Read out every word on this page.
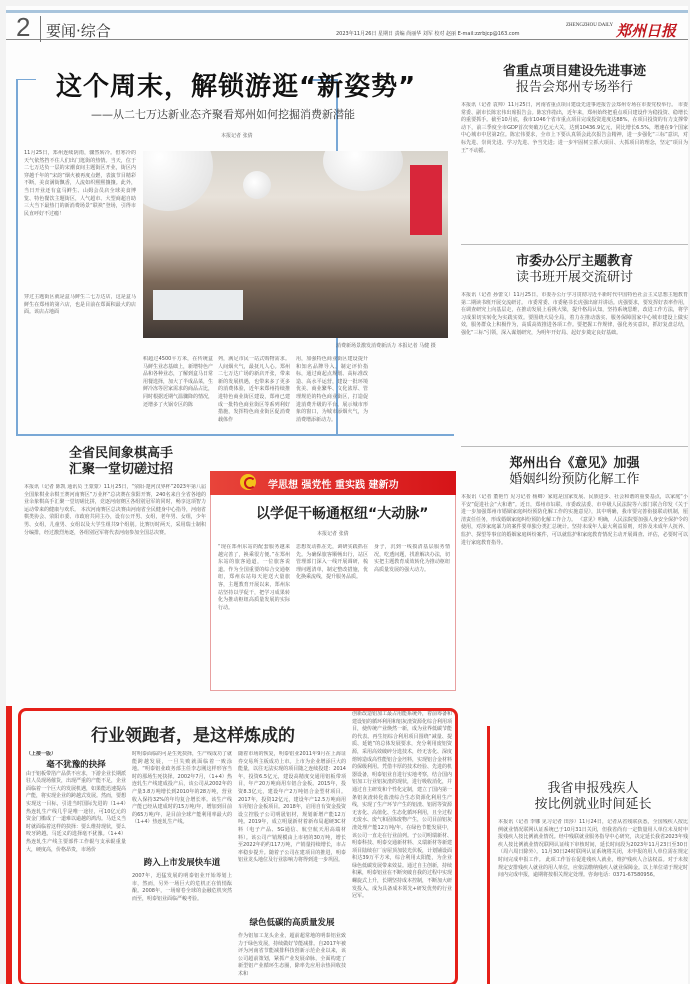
2 要闻·综合	2023年11月26日 星期日 责编 尚丽华 刘军 校对 赵丽 E-mail:zzrbjcp@163.com
ZHENGZHOU DAILY 郑州日报
这个周末，解锁游逛“新姿势”
——从二七万达新业态齐聚看郑州如何挖掘消费新潜能
本报记者 张倩
11月25日，郑州连续阴雨，骤然转冷。但寒冷的天气依然挡不住人们出门逛街的热情。当天，位于二七万达负一层的宋潮食间主题街区开业，街区内穿越千年的“宋韵”烟火被再度点燃，表演节目精彩不断，美食满街飘香，人流如织熙熙攘攘。此外，当日开业还有盒马鲜生、山姆会员店全球美食博览、特色餐饮主题街区，人气超市、大型商超自助三大当下最热门的新消费场景“联袂”登场，引得市民直呼好不过瘾！
穿过主题街区就是盒马鲜生二七万达店，这是盒马鲜生在郑州的第六店，也是目前在郑面积最大的店面。该店占地面
消费新场景激发消费新活力 本报记者 马健 摄
积超过4500平方米，在传统盒马鲜生业态基础上，新增特色产品和各种业态，了解到盒马日常用餐选择，加大了半成品菜，生鲜冷冻等居家需求的商品占比，同时根据近期气温骤降的情况，还增多了火锅专区的陈
列，满足市民一站式购物需求。人间烟火气，最抚凡人心。郑州二七万达广场的新店开张，带来新的发展机遇，也带来多了更多的消费体验，近年来郑州持续推进特色商业街区建设，郑州已建成一批特色商业街区等系列利好措施，发挥特色商业街区促消费载体作
用，加强特色商业街区建设提升和知名品牌导入，制定评价指标，通过商起点规划、高标准改造、高水平运营，建设一批环境优美、商业繁华、文化浓厚、管理规范的特色商业街区，打造促进消费升级的平台、展示城市形象的窗口，为城市添烟火气，为消费增添新动力。
省重点项目建设先进事迹
报告会郑州专场举行
本报讯（记者 袁帅）11月25日，河南省重点项目建设先进事迹报告会郑州专场在市委党校举行。 市委常委、副市长陈宏伟出席报告会。陈宏伟指出，近年来，郑州始终把重点项目建设作为稳投资、稳增长的重要抓手。截至10月底，我市1046个省市重点项目完成投资进度达88%，在项目投资的有力支撑带动下，前三季度全市GDP首次突破万亿元大关，达到10436.9亿元，同比增长6.5%，增速在9个国家中心城市中居第2位。陈宏伟要求，全市上下要认真领会此次报告会精神，进一步强化“三标”意识，对标先进、崇尚先进、学习先进、争当先进；进一步牢固树立抓大项目、大抓项目的理念，坚定“项目为王”不动摇。
市委办公厅主题教育
读书班开展交流研讨
本报讯（记者 孙蕾文）11月25日，市委办公厅学习贯彻习近平新时代中国特色社会主义思想主题教育第二期读书班开展交流研讨。 市委常委、市委秘书长虎强出席并讲话。虎强要求，要发挥好表率作用，在调查研究上向基层走，在推动发展上看挑大梁，提升格局认知，坚持系统思维，改进工作方法，将学习成果切实转化为实践实效。要围绕大局全局，着力在推动落实、服务保障国家中心城市建设上做实效，服务群众上积极作为，高质高效推进各项工作。要把握工作规律，强化务实意识，抓好复盘总结，强化“三标”引领，深入谋划研究，为明年开好局、起好步奠定良好基础。
郑州出台《意见》加强
婚姻纠纷预防化解工作
本报讯（记者 董艳竹 见习记者 杨卿）家庭是国家发展、民族进步、社会和谐的重要基点，以家庭“小平安”促进社会“大和谐”。近日，郑州市妇联、市委政法委、市中级人民法院等六部门联合印发《关于进一步加强郑州市婚姻家庭纠纷预防化解工作的实施意见》，其中明确，我市要完善衔接联动机制，厘清责任任务，形成婚姻家庭纠纷预防化解工作合力。 《意见》明确，人民法院要加强人身安全保护令的使用，对涉家庭暴力的案件要单独分类汇总统计。坚持未成年人最大利益原则，对涉及未成年人抚养、监护、探望等事宜的婚姻家庭纠纷案件，可以就监护和家庭教育情况主动开展调查、评估，必要时可以进行家庭教育指导。
我省申报残疾人
按比例就业时间延长
本报讯（记者 李娜 见习记者 田莎）11月24日，记者从省残联获悉，全国残疾人按比例就业情况联网认证系统已于10月31日关闭，但我省尚有一定数量用人单位未及时申报残疾人按比例就业情况。经中残联就业服务指导中心研究，决定延长我省2023年残疾人按比例就业情况联网认证线下审核时间，延长时间段为2023年11月23日至30日（周六周日除外）。11月30日24时联网认证系统将关闭，未申报的用人单位需在规定时间完成申报工作。 此项工作旨在促进残疾人就业，维护残疾人合法权益。对于未按规定安排残疾人就业的用人单位，应依法缴纳残疾人就业保障金。以上单位请于规定时间内完成申报，逾期将按相关规定处理。咨询电话：0371-67580956。
全省民间象棋高手
汇聚一堂切磋过招
本报讯（记者 陈凯 通讯员 王蒙蒙）11月25日，“荥阳·楚河汉界杯”2023年第八届全国象棋业余棋王赛河南赛区”万业杯”总决赛在荥阳开赛，240名来自全省各地的业余象棋高手汇聚一堂切磋比拼，竞逐河南赛区各组别冠军的同时，畅享这项智力运动带来的健康与欢乐。 本次河南赛区总决赛由河南省全民健身中心指导，河南省棋类协会、荥阳市委、市政府共同主办，设有公开男、女组，老年男、女组，少年男、女组，儿童男、女组以及大学生组共9个组别。比赛历时两天，采用瑞士制积分编排，经过激烈角逐，各组别冠军将代表河南参加全国总决赛。
学思想 强党性 重实践 建新功
以学促干畅通枢纽“大动脉”
本报记者 张倩
“现在郑州东站的配套服务越来越完善了，换乘很方便。”在郑州东站的旅客通道，一位旅客说道。作为全国重要的综合交通枢纽，郑州东站每天迎送大量旅客，主题教育开展以来，郑州东站坚持以学促干，把学习成果转化为推动枢纽高质量发展的实际行动。
思想发动抓在先，调研实践抓在先。为确保旅客顺畅出行，站区管理部门深入一线开展调研，梳理问题清单，制定整改措施，优化换乘流线，提升服务品质。
身子，沉到一线摸清基层服务情况，吃透问题，找准解决办法，切实把主题教育成效转化为推动枢纽高质量发展的强大动力。
行业领跑者，是这样炼成的
（上接一版）
毫不犹豫的抉择
由于铝板带箔产品供不应求，下游企业长期派驻人员现场催货，出现严重的产能不足，企业面临着一个巨大的发展机遇，如果能迅速提高产能，将实现企业的跨越式发展。然而，要想实现这一目标，引进当时国际先进的（1+4）热连轧生产线几乎是唯一途径，可10亿元的资金门槛成了一道难以逾越的鸿沟。马廷义当时就面临着这样的抉择：要么维持现状，要么咬牙跨越。马廷义的选择毫不犹豫。（1+4）热连轧生产线主要部件工作辊与支承辊重量大，硬度高，价格昂贵，市场价
时明泰面临的可是生死抉择，生产线成功了就能跨越发展，一旦失败就面临着一败涂地。“明泰铝业政务部主任李志刚这样形容当时的那场生死抉择。2002年7月，（1+4）热连轧生产线建成投产后，该公司从2002年的产量3.8万吨增长到2010年的28万吨，营业收入保持32%的年均复合增长率。该生产线产能已经从建成时的15万吨/年，增加到目前的65万吨/年，是目前全球产能利用率最大的（1+4）热连轧生产线。
跨入上市发展快车道
2007年，迅猛发展的明泰铝业开始筹划上市，然而，另外一场巨大的危机正在悄悄酝酿。2008年，一场席卷全球的金融危机突然而至，明泰铝业面临严峻考验。
随着市场的恢复，明泰铝业2011年9月在上海证券交易所主板成功上市。上市为企业增添巨大的能量，以往无法实现的项目随之连续投建：2014年，投资6.5亿元，建设高精度交通用铝板带项目，年产20万吨商用车铝合金板。2015年，投资8.3亿元，建设年产2万吨铝合金型材项目。2017年，投资12亿元，建设年产12.5万吨商用车用铝合金板项目。2018年，启用自有资金投资设立控股子公司明晟铝材，规划新增产能12万吨。2019年，成立明晟新材着新布局超硬3C材料（电子产品、5G通信、航空航天用高端材料）。该公司产销规模由上市初的30万吨，增长至2022年的约117万吨，产销量持续增长，市占率稳步提升。随着子公司在建项目的推进，明泰铝业龙头地位及行业影响力将得到进一步巩固。
绿色低碳的高质量发展
作为铝加工龙头企业，超前超常地的明泰铝业致力于绿色发展，持续做好节能减排。自2017年被评为河南省节能减排科技创新示范企业以来，该公司超前策划，紧抓产业发展命脉，全面构建了新型铝产业循环生态圈，除率先应用余热回收技术和
创新改造铝加工最占用能系统外，着前筹备和建设铝的循环利用和铝灰渣资源化综合利用项目，使传统产业焕然一新，成为业界低碳节能的代表。再生铝综合利用项目围绕“减量、提质、延链”的总体发展要求，充分利用废铝资源，采用高效破碎分选技术，经无害化、深度熔铸造成高性能铝合金坯料，实现铝合金材料的保级利用。凭借丰厚的技术经验、先进的机器设备，明泰铝业自进行实地考察，结合国内铝加工行业铝灰渣的现状，进行吸收消化，并通过自主研发和个性化定制，建立了国内第一条铝灰渣转化盐渣综合生态资源化利用生产线，实现了生产环节产生的铝渣、铝屑等资源无害化、高值化、生态化循环利用，且全过程无废水、废气和固体废物产生，公司目前铝灰渣处理产能12万吨/年。在绿色节能发展中，该公司一直走在行业前列。子公司明瑞新材、明泰科技、明泰交通新材料、义瑞新材等新建项目陆续在厂房屋顶加装光伏板，计划铺设面积达39万平方米，综合利用太阳能，为企业绿色低碳发展带来效益。通过自主创新，持续积累，明泰铝业在不断突破自我的过程中实现螺旋式上升，长期坚持成本控制，不断加大研发投入，成为具备成本领先+研发优势的行业冠军。
